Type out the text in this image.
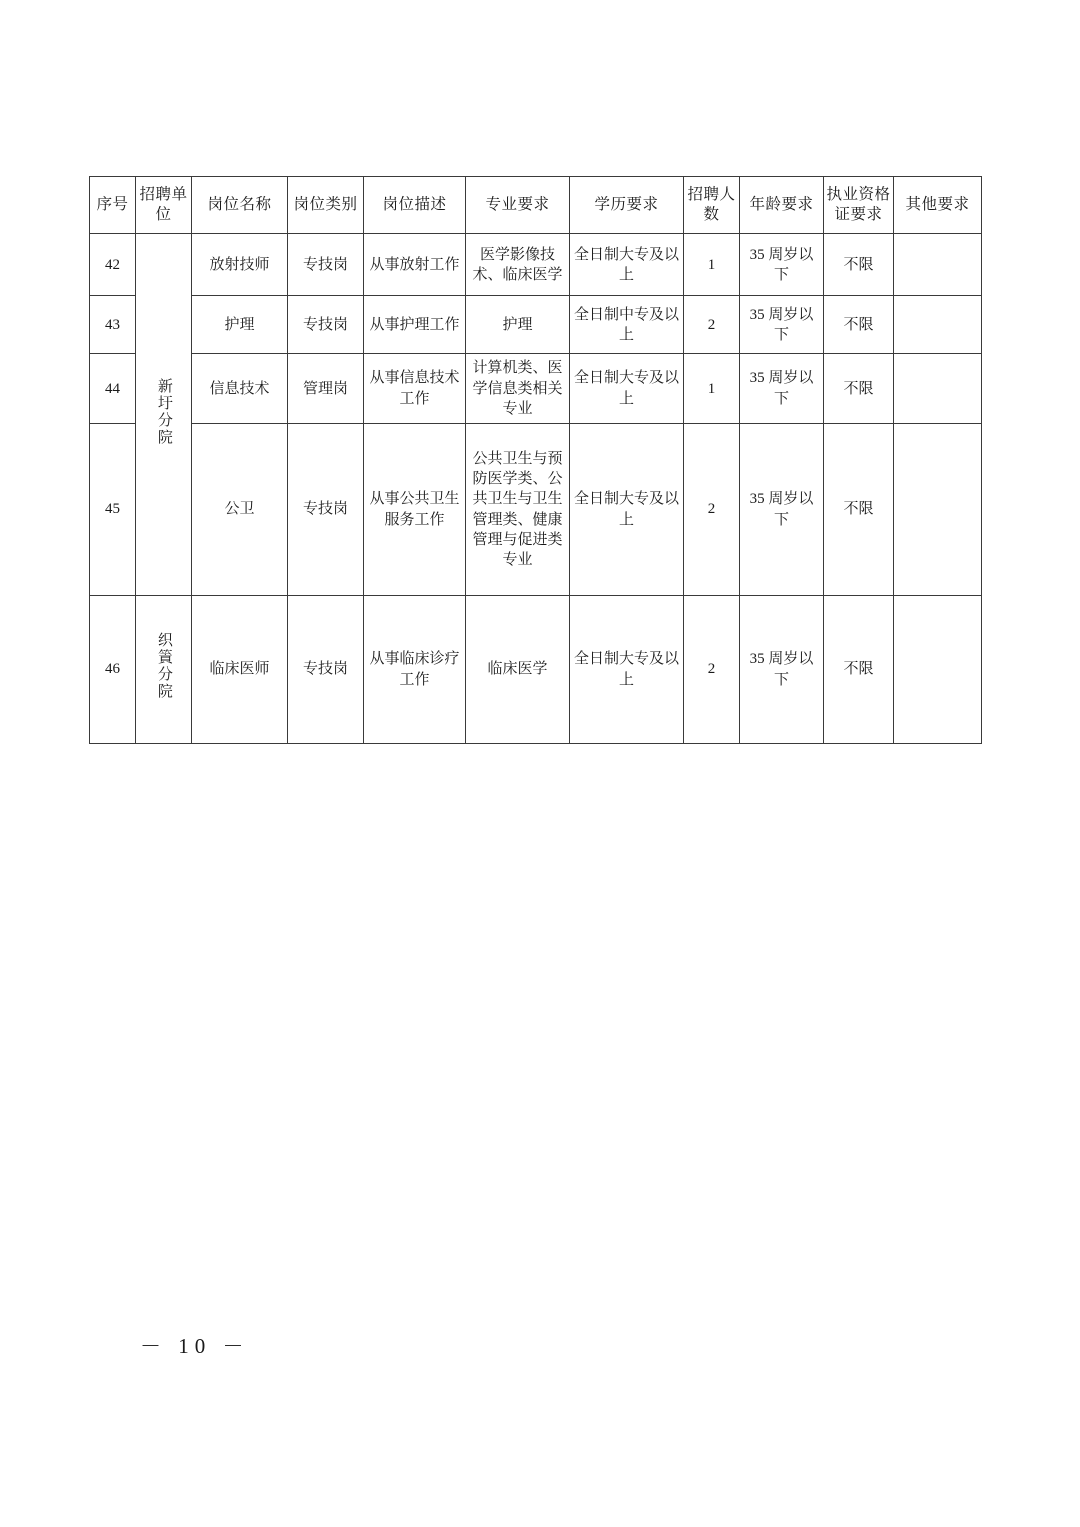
序号	招聘单位	岗位名称	岗位类别	岗位描述	专业要求	学历要求	招聘人数	年龄要求	执业资格证要求	其他要求
42	新圩分院	放射技师	专技岗	从事放射工作	医学影像技术、临床医学	全日制大专及以上	1	35 周岁以下	不限	
43		护理	专技岗	从事护理工作	护理	全日制中专及以上	2	35 周岁以下	不限	
44		信息技术	管理岗	从事信息技术工作	计算机类、医学信息类相关专业	全日制大专及以上	1	35 周岁以下	不限	
45		公卫	专技岗	从事公共卫生服务工作	公共卫生与预防医学类、公共卫生与卫生管理类、健康管理与促进类专业	全日制大专及以上	2	35 周岁以下	不限	
46	织篢分院	临床医师	专技岗	从事临床诊疗工作	临床医学	全日制大专及以上	2	35 周岁以下	不限	
－ 10 －
